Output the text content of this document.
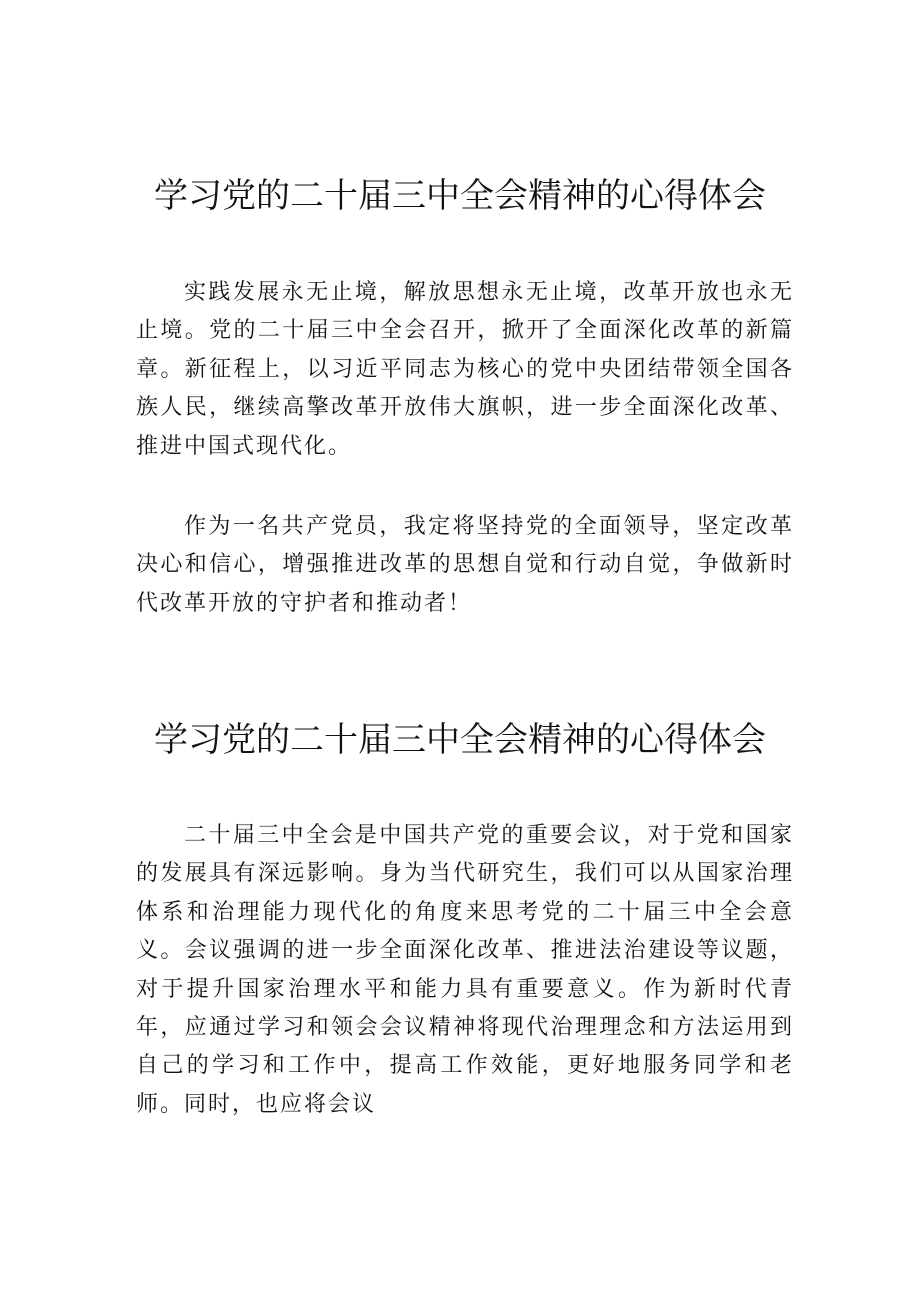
学习党的二十届三中全会精神的心得体会

实践发展永无止境，解放思想永无止境，改革开放也永无止境。党的二十届三中全会召开，掀开了全面深化改革的新篇章。新征程上，以习近平同志为核心的党中央团结带领全国各族人民，继续高擎改革开放伟大旗帜，进一步全面深化改革、推进中国式现代化。

作为一名共产党员，我定将坚持党的全面领导，坚定改革决心和信心，增强推进改革的思想自觉和行动自觉，争做新时代改革开放的守护者和推动者！

学习党的二十届三中全会精神的心得体会

二十届三中全会是中国共产党的重要会议，对于党和国家的发展具有深远影响。身为当代研究生，我们可以从国家治理体系和治理能力现代化的角度来思考党的二十届三中全会意义。会议强调的进一步全面深化改革、推进法治建设等议题，对于提升国家治理水平和能力具有重要意义。作为新时代青年，应通过学习和领会会议精神将现代治理理念和方法运用到自己的学习和工作中，提高工作效能，更好地服务同学和老师。同时，也应将会议
